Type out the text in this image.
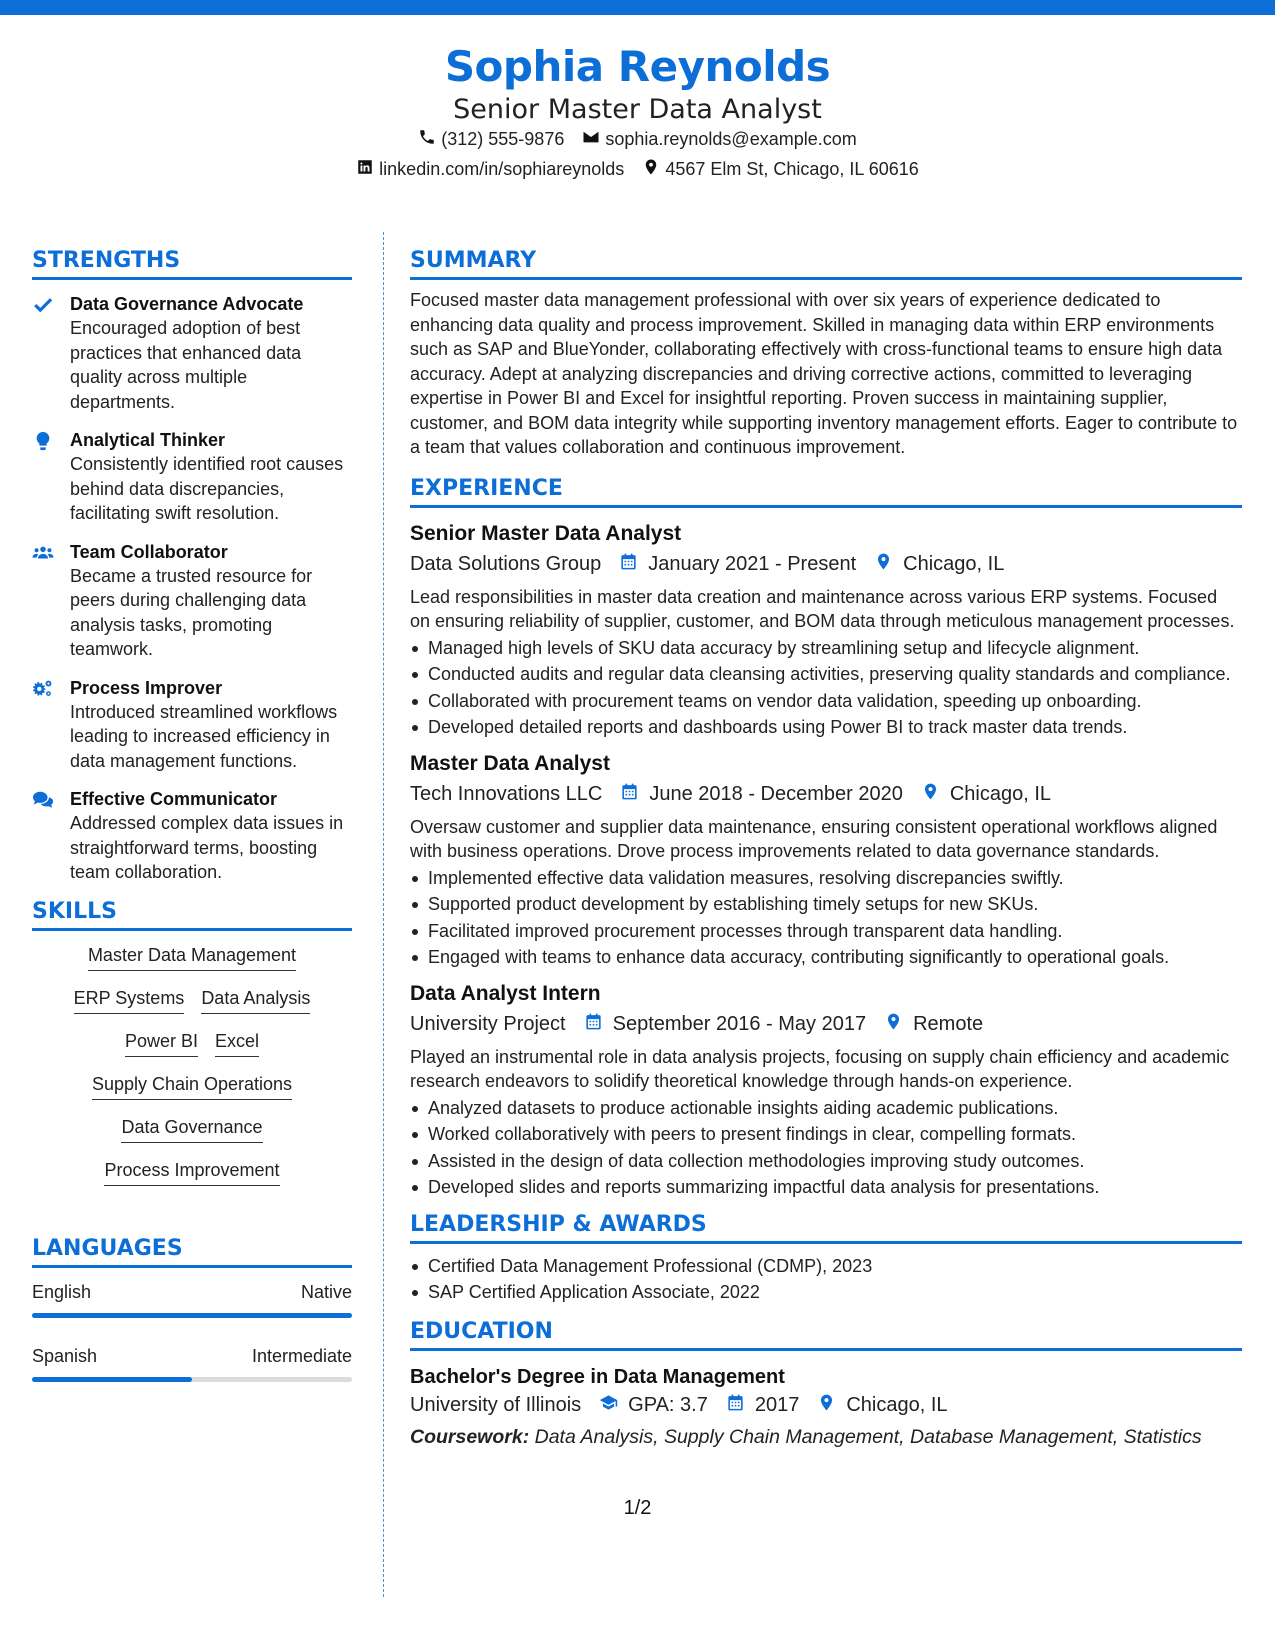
Sophia Reynolds
Senior Master Data Analyst
(312) 555-9876 sophia.reynolds@example.com
linkedin.com/in/sophiareynolds 4567 Elm St, Chicago, IL 60616
STRENGTHS
Data Governance Advocate
Encouraged adoption of best practices that enhanced data quality across multiple departments.
Analytical Thinker
Consistently identified root causes behind data discrepancies, facilitating swift resolution.
Team Collaborator
Became a trusted resource for peers during challenging data analysis tasks, promoting teamwork.
Process Improver
Introduced streamlined workflows leading to increased efficiency in data management functions.
Effective Communicator
Addressed complex data issues in straightforward terms, boosting team collaboration.
SKILLS
Master Data Management
ERP Systems Data Analysis
Power BI Excel
Supply Chain Operations
Data Governance
Process Improvement
LANGUAGES
English	Native
Spanish	Intermediate
SUMMARY
Focused master data management professional with over six years of experience dedicated to enhancing data quality and process improvement. Skilled in managing data within ERP environments such as SAP and BlueYonder, collaborating effectively with cross-functional teams to ensure high data accuracy. Adept at analyzing discrepancies and driving corrective actions, committed to leveraging expertise in Power BI and Excel for insightful reporting. Proven success in maintaining supplier, customer, and BOM data integrity while supporting inventory management efforts. Eager to contribute to a team that values collaboration and continuous improvement.
EXPERIENCE
Senior Master Data Analyst
Data Solutions Group January 2021 - Present Chicago, IL
Lead responsibilities in master data creation and maintenance across various ERP systems. Focused on ensuring reliability of supplier, customer, and BOM data through meticulous management processes.
Managed high levels of SKU data accuracy by streamlining setup and lifecycle alignment.
Conducted audits and regular data cleansing activities, preserving quality standards and compliance.
Collaborated with procurement teams on vendor data validation, speeding up onboarding.
Developed detailed reports and dashboards using Power BI to track master data trends.
Master Data Analyst
Tech Innovations LLC June 2018 - December 2020 Chicago, IL
Oversaw customer and supplier data maintenance, ensuring consistent operational workflows aligned with business operations. Drove process improvements related to data governance standards.
Implemented effective data validation measures, resolving discrepancies swiftly.
Supported product development by establishing timely setups for new SKUs.
Facilitated improved procurement processes through transparent data handling.
Engaged with teams to enhance data accuracy, contributing significantly to operational goals.
Data Analyst Intern
University Project September 2016 - May 2017 Remote
Played an instrumental role in data analysis projects, focusing on supply chain efficiency and academic research endeavors to solidify theoretical knowledge through hands-on experience.
Analyzed datasets to produce actionable insights aiding academic publications.
Worked collaboratively with peers to present findings in clear, compelling formats.
Assisted in the design of data collection methodologies improving study outcomes.
Developed slides and reports summarizing impactful data analysis for presentations.
LEADERSHIP & AWARDS
Certified Data Management Professional (CDMP), 2023
SAP Certified Application Associate, 2022
EDUCATION
Bachelor's Degree in Data Management
University of Illinois GPA: 3.7 2017 Chicago, IL
Coursework: Data Analysis, Supply Chain Management, Database Management, Statistics
1/2
